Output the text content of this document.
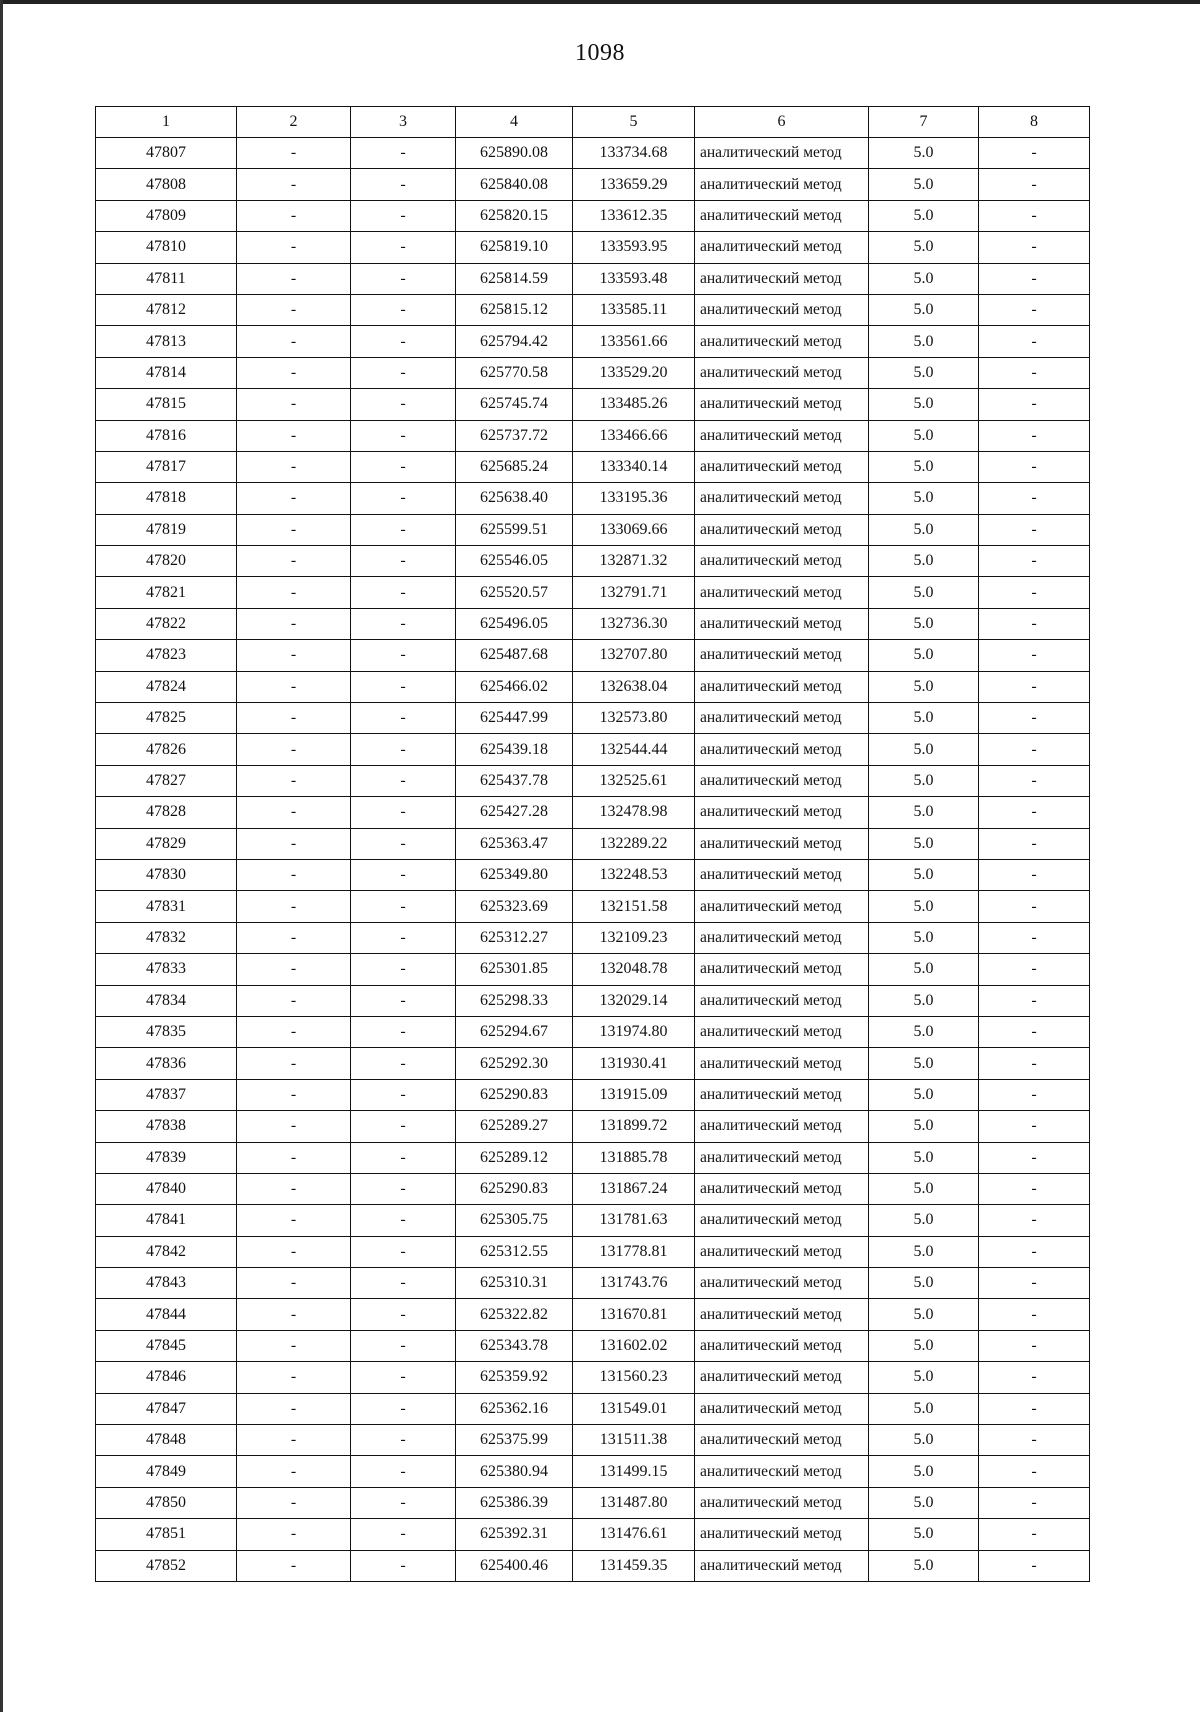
1098
1	2	3	4	5	6	7	8
47807	-	-	625890.08	133734.68	аналитический метод	5.0	-
47808	-	-	625840.08	133659.29	аналитический метод	5.0	-
47809	-	-	625820.15	133612.35	аналитический метод	5.0	-
47810	-	-	625819.10	133593.95	аналитический метод	5.0	-
47811	-	-	625814.59	133593.48	аналитический метод	5.0	-
47812	-	-	625815.12	133585.11	аналитический метод	5.0	-
47813	-	-	625794.42	133561.66	аналитический метод	5.0	-
47814	-	-	625770.58	133529.20	аналитический метод	5.0	-
47815	-	-	625745.74	133485.26	аналитический метод	5.0	-
47816	-	-	625737.72	133466.66	аналитический метод	5.0	-
47817	-	-	625685.24	133340.14	аналитический метод	5.0	-
47818	-	-	625638.40	133195.36	аналитический метод	5.0	-
47819	-	-	625599.51	133069.66	аналитический метод	5.0	-
47820	-	-	625546.05	132871.32	аналитический метод	5.0	-
47821	-	-	625520.57	132791.71	аналитический метод	5.0	-
47822	-	-	625496.05	132736.30	аналитический метод	5.0	-
47823	-	-	625487.68	132707.80	аналитический метод	5.0	-
47824	-	-	625466.02	132638.04	аналитический метод	5.0	-
47825	-	-	625447.99	132573.80	аналитический метод	5.0	-
47826	-	-	625439.18	132544.44	аналитический метод	5.0	-
47827	-	-	625437.78	132525.61	аналитический метод	5.0	-
47828	-	-	625427.28	132478.98	аналитический метод	5.0	-
47829	-	-	625363.47	132289.22	аналитический метод	5.0	-
47830	-	-	625349.80	132248.53	аналитический метод	5.0	-
47831	-	-	625323.69	132151.58	аналитический метод	5.0	-
47832	-	-	625312.27	132109.23	аналитический метод	5.0	-
47833	-	-	625301.85	132048.78	аналитический метод	5.0	-
47834	-	-	625298.33	132029.14	аналитический метод	5.0	-
47835	-	-	625294.67	131974.80	аналитический метод	5.0	-
47836	-	-	625292.30	131930.41	аналитический метод	5.0	-
47837	-	-	625290.83	131915.09	аналитический метод	5.0	-
47838	-	-	625289.27	131899.72	аналитический метод	5.0	-
47839	-	-	625289.12	131885.78	аналитический метод	5.0	-
47840	-	-	625290.83	131867.24	аналитический метод	5.0	-
47841	-	-	625305.75	131781.63	аналитический метод	5.0	-
47842	-	-	625312.55	131778.81	аналитический метод	5.0	-
47843	-	-	625310.31	131743.76	аналитический метод	5.0	-
47844	-	-	625322.82	131670.81	аналитический метод	5.0	-
47845	-	-	625343.78	131602.02	аналитический метод	5.0	-
47846	-	-	625359.92	131560.23	аналитический метод	5.0	-
47847	-	-	625362.16	131549.01	аналитический метод	5.0	-
47848	-	-	625375.99	131511.38	аналитический метод	5.0	-
47849	-	-	625380.94	131499.15	аналитический метод	5.0	-
47850	-	-	625386.39	131487.80	аналитический метод	5.0	-
47851	-	-	625392.31	131476.61	аналитический метод	5.0	-
47852	-	-	625400.46	131459.35	аналитический метод	5.0	-
